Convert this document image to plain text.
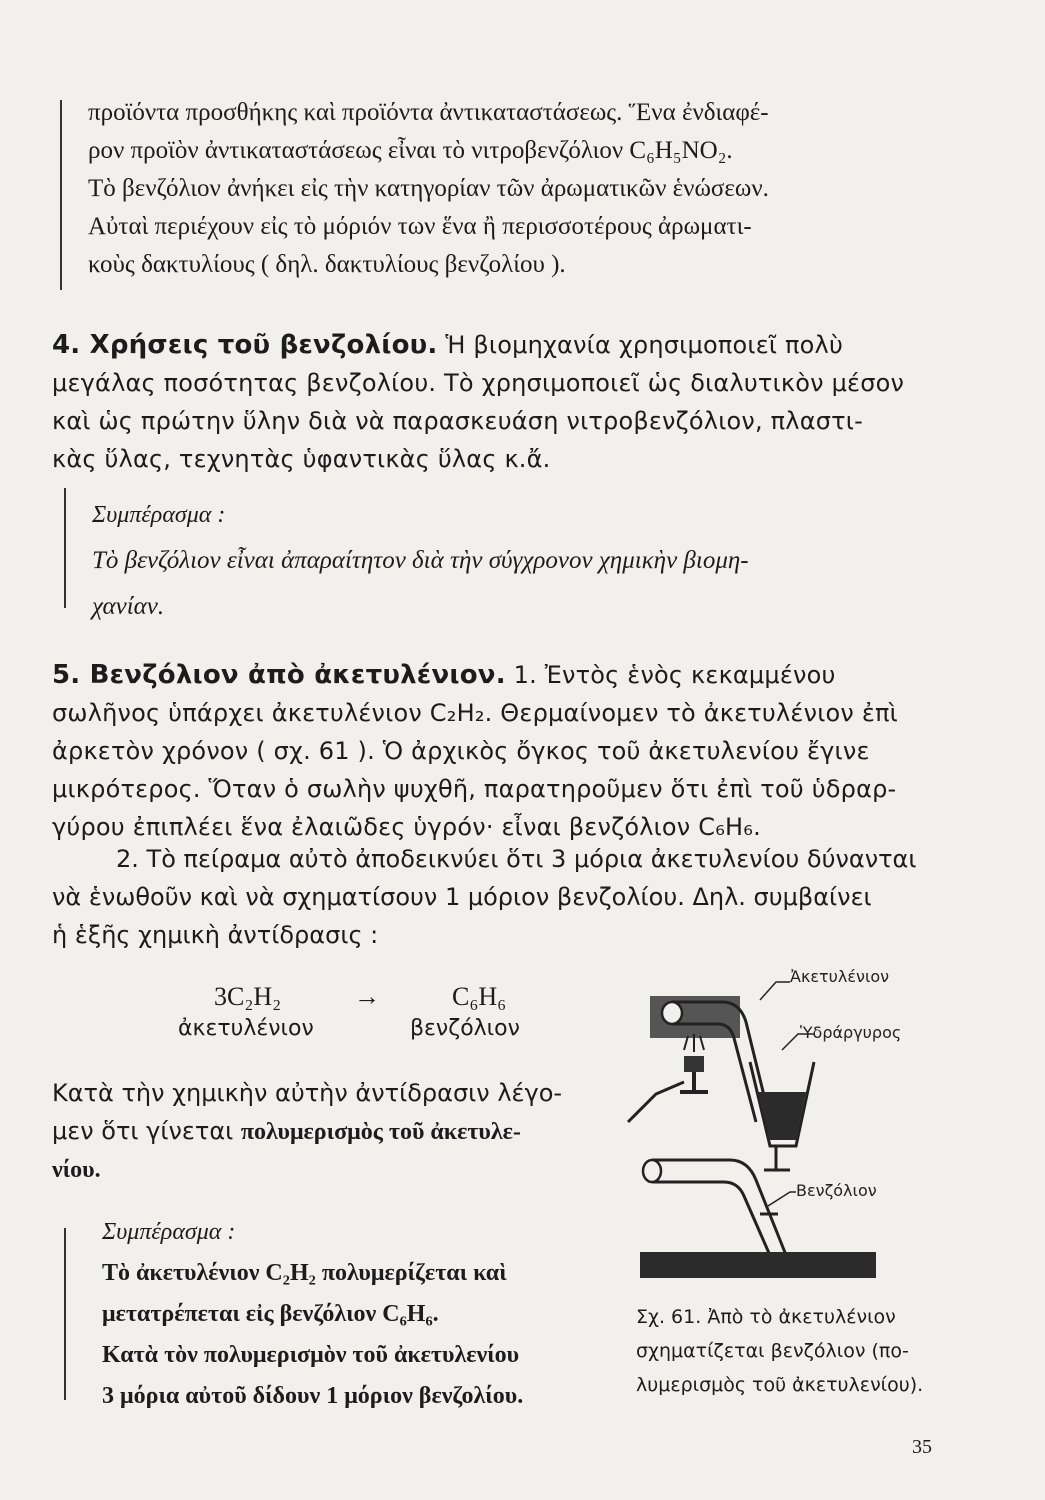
προϊόντα προσθήκης καὶ προϊόντα ἀντικαταστάσεως. Ἕνα ἐνδιαφέ-
ρον προϊὸν ἀντικαταστάσεως εἶναι τὸ νιτροβενζόλιον C₆H₅NO₂.
Τὸ βενζόλιον ἀνήκει εἰς τὴν κατηγορίαν τῶν ἀρωματικῶν ἑνώσεων.
Αὐταὶ περιέχουν εἰς τὸ μόριόν των ἕνα ἢ περισσοτέρους ἀρωματι-
κοὺς δακτυλίους ( δηλ. δακτυλίους βενζολίου ).
4. Χρήσεις τοῦ βενζολίου. Ἡ βιομηχανία χρησιμοποιεῖ πολὺ
μεγάλας ποσότητας βενζολίου. Τὸ χρησιμοποιεῖ ὡς διαλυτικὸν μέσον
καὶ ὡς πρώτην ὕλην διὰ νὰ παρασκευάση νιτροβενζόλιον, πλαστι-
κὰς ὕλας, τεχνητὰς ὑφαντικὰς ὕλας κ.ἄ.
Συμπέρασμα :
Τὸ βενζόλιον εἶναι ἀπαραίτητον διὰ τὴν σύγχρονον χημικὴν βιομη-
χανίαν.
5. Βενζόλιον ἀπὸ ἀκετυλένιον. 1. Ἐντὸς ἑνὸς κεκαμμένου
σωλῆνος ὑπάρχει ἀκετυλένιον C₂H₂. Θερμαίνομεν τὸ ἀκετυλένιον ἐπὶ
ἀρκετὸν χρόνον ( σχ. 61 ). Ὁ ἀρχικὸς ὄγκος τοῦ ἀκετυλενίου ἔγινε
μικρότερος. Ὅταν ὁ σωλὴν ψυχθῆ, παρατηροῦμεν ὅτι ἐπὶ τοῦ ὑδραρ-
γύρου ἐπιπλέει ἕνα ἐλαιῶδες ὑγρόν· εἶναι βενζόλιον C₆H₆.
2. Τὸ πείραμα αὐτὸ ἀποδεικνύει ὅτι 3 μόρια ἀκετυλενίου δύνανται
νὰ ἑνωθοῦν καὶ νὰ σχηματίσουν 1 μόριον βενζολίου. Δηλ. συμβαίνει
ἡ ἑξῆς χημικὴ ἀντίδρασις :
3C₂H₂	→	C₆H₆
ἀκετυλένιον	βενζόλιον
Κατὰ τὴν χημικὴν αὐτὴν ἀντίδρασιν λέγο-
μεν ὅτι γίνεται πολυμερισμὸς τοῦ ἀκετυλε-
νίου.
Συμπέρασμα :
Τὸ ἀκετυλένιον C₂H₂ πολυμερίζεται καὶ
μετατρέπεται εἰς βενζόλιον C₆H₆.
Κατὰ τὸν πολυμερισμὸν τοῦ ἀκετυλενίου
3 μόρια αὐτοῦ δίδουν 1 μόριον βενζολίου.
Ἀκετυλένιον
Ὑδράργυρος
Βενζόλιον
Σχ. 61. Ἀπὸ τὸ ἀκετυλένιον
σχηματίζεται βενζόλιον (πο-
λυμερισμὸς τοῦ ἀκετυλενίου).
35
